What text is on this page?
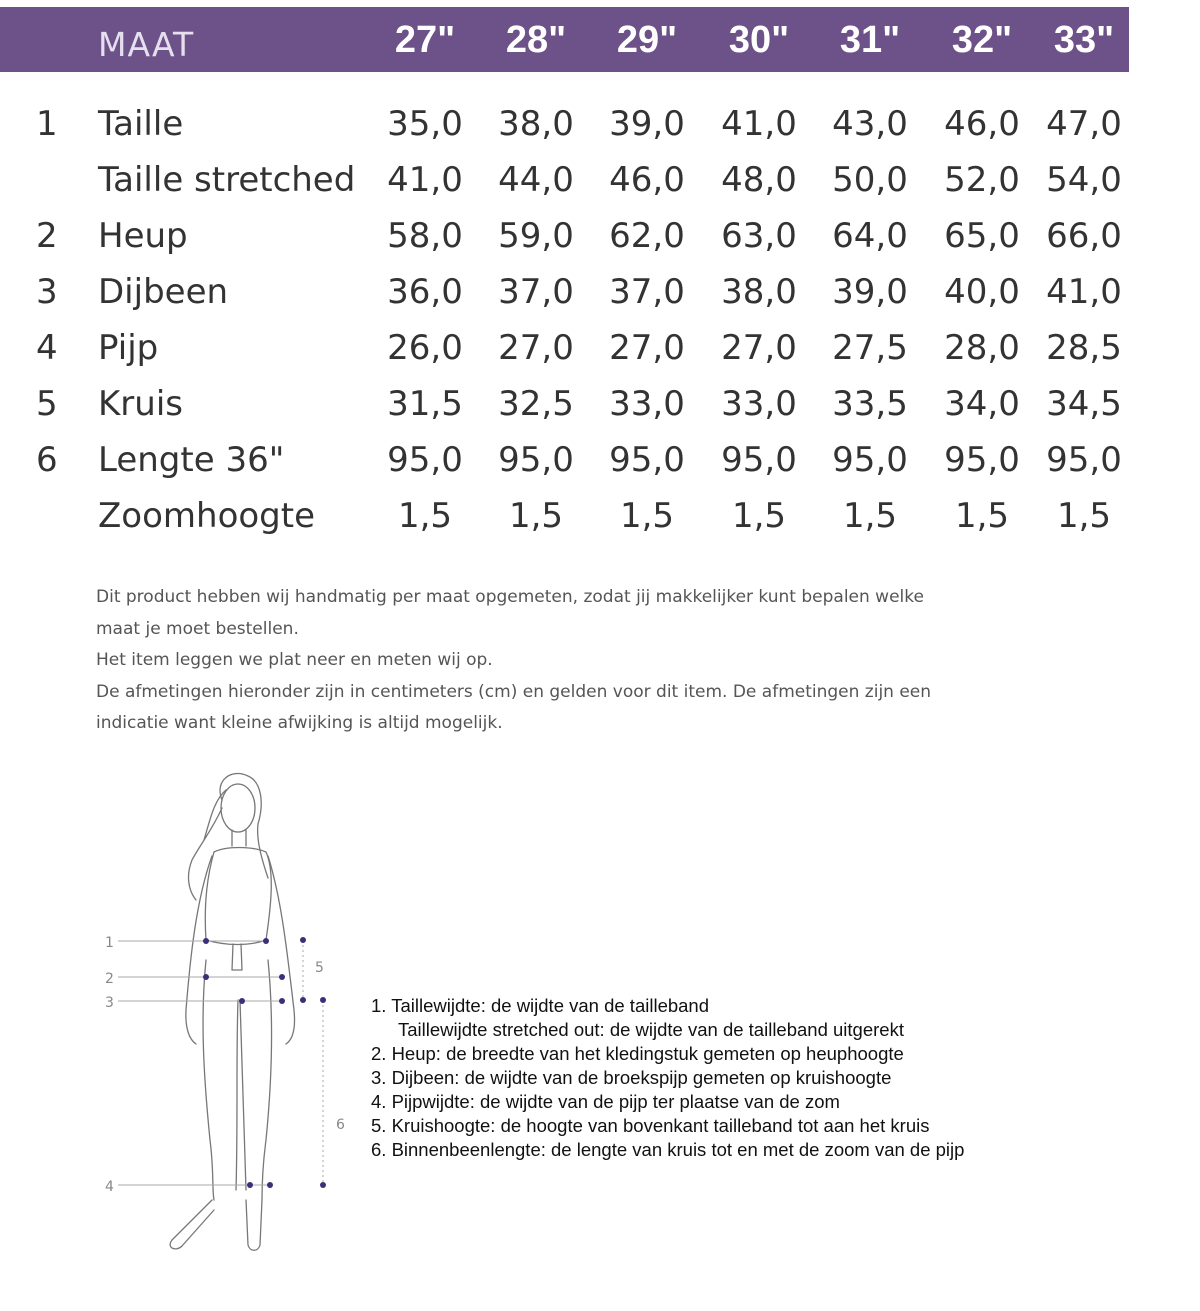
MAAT	27" 28" 29" 30" 31" 32" 33"
1 Taille	35,0 38,0 39,0 41,0 43,0 46,0 47,0
Taille stretched 41,0 44,0 46,0 48,0 50,0 52,0 54,0
2 Heup	58,0 59,0 62,0 63,0 64,0 65,0 66,0
3 Dijbeen	36,0 37,0 37,0 38,0 39,0 40,0 41,0
4 Pijp	26,0 27,0 27,0 27,0 27,5 28,0 28,5
5 Kruis	31,5 32,5 33,0 33,0 33,5 34,0 34,5
6 Lengte 36"	95,0 95,0 95,0 95,0 95,0 95,0 95,0
Zoomhoogte 1,5 1,5 1,5 1,5 1,5 1,5 1,5

Dit product hebben wij handmatig per maat opgemeten, zodat jij makkelijker kunt bepalen welke

maat je moet bestellen.

Het item leggen we plat neer en meten wij op.

De afmetingen hieronder zijn in centimeters (cm) en gelden voor dit item. De afmetingen zijn een

indicatie want kleine afwijking is altijd mogelijk.

1
2
3
4
5
6
1. Taillewijdte: de wijdte van de tailleband
Taillewijdte stretched out: de wijdte van de tailleband uitgerekt
2. Heup: de breedte van het kledingstuk gemeten op heuphoogte
3. Dijbeen: de wijdte van de broekspijp gemeten op kruishoogte
4. Pijpwijdte: de wijdte van de pijp ter plaatse van de zom
5. Kruishoogte: de hoogte van bovenkant tailleband tot aan het kruis
6. Binnenbeenlengte: de lengte van kruis tot en met de zoom van de pijp
